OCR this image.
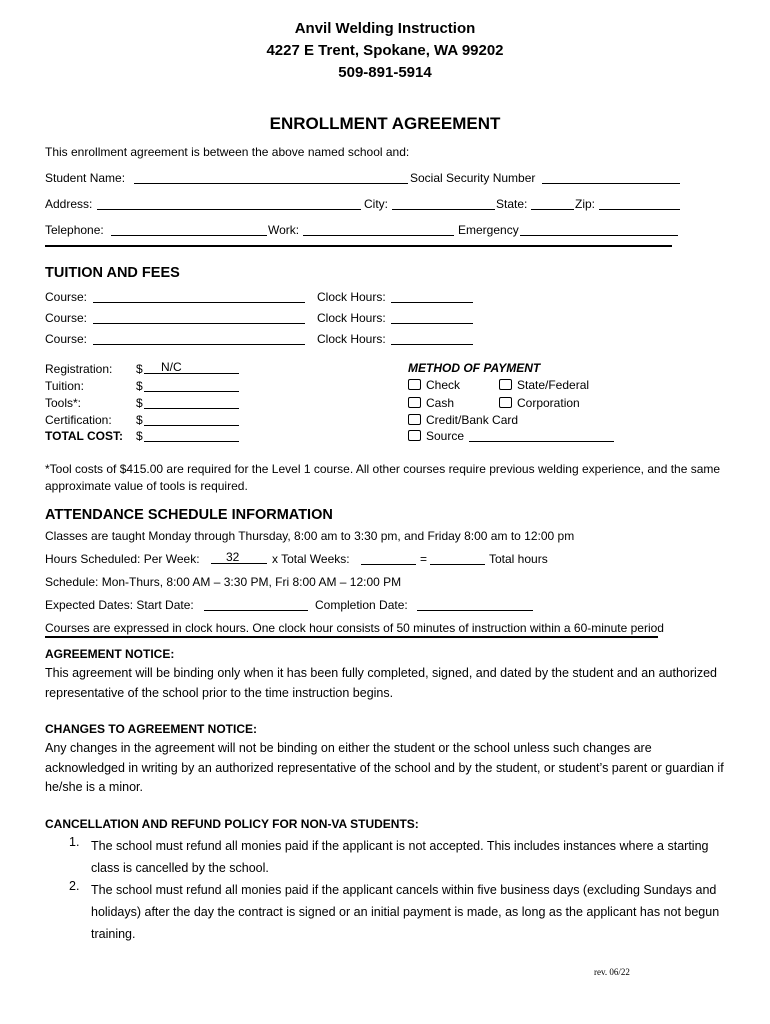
Anvil Welding Instruction
4227 E Trent, Spokane, WA 99202
509-891-5914
ENROLLMENT AGREEMENT
This enrollment agreement is between the above named school and:
Student Name:	Social Security Number
Address:	City:	State:	Zip:
Telephone:	Work:	Emergency
TUITION AND FEES
Course:	Clock Hours:
Course:	Clock Hours:
Course:	Clock Hours:
Registration: $	N/C
Tuition:	$
Tools*:	$
Certification: $
TOTAL COST: $
METHOD OF PAYMENT
Check	State/Federal
Cash	Corporation
Credit/Bank Card
Source
*Tool costs of $415.00 are required for the Level 1 course. All other courses require previous welding experience, and the same approximate value of tools is required.
ATTENDANCE SCHEDULE INFORMATION
Classes are taught Monday through Thursday, 8:00 am to 3:30 pm, and Friday 8:00 am to 12:00 pm
Hours Scheduled: Per Week:	32	x Total Weeks:	=	Total hours
Schedule: Mon-Thurs, 8:00 AM – 3:30 PM, Fri 8:00 AM – 12:00 PM
Expected Dates: Start Date:	Completion Date:
Courses are expressed in clock hours. One clock hour consists of 50 minutes of instruction within a 60-minute period
AGREEMENT NOTICE:
This agreement will be binding only when it has been fully completed, signed, and dated by the student and an authorized representative of the school prior to the time instruction begins.
CHANGES TO AGREEMENT NOTICE:
Any changes in the agreement will not be binding on either the student or the school unless such changes are acknowledged in writing by an authorized representative of the school and by the student, or student’s parent or guardian if he/she is a minor.
CANCELLATION AND REFUND POLICY FOR NON-VA STUDENTS:
1. The school must refund all monies paid if the applicant is not accepted. This includes instances where a starting class is cancelled by the school.
2. The school must refund all monies paid if the applicant cancels within five business days (excluding Sundays and holidays) after the day the contract is signed or an initial payment is made, as long as the applicant has not begun training.
rev. 06/22
